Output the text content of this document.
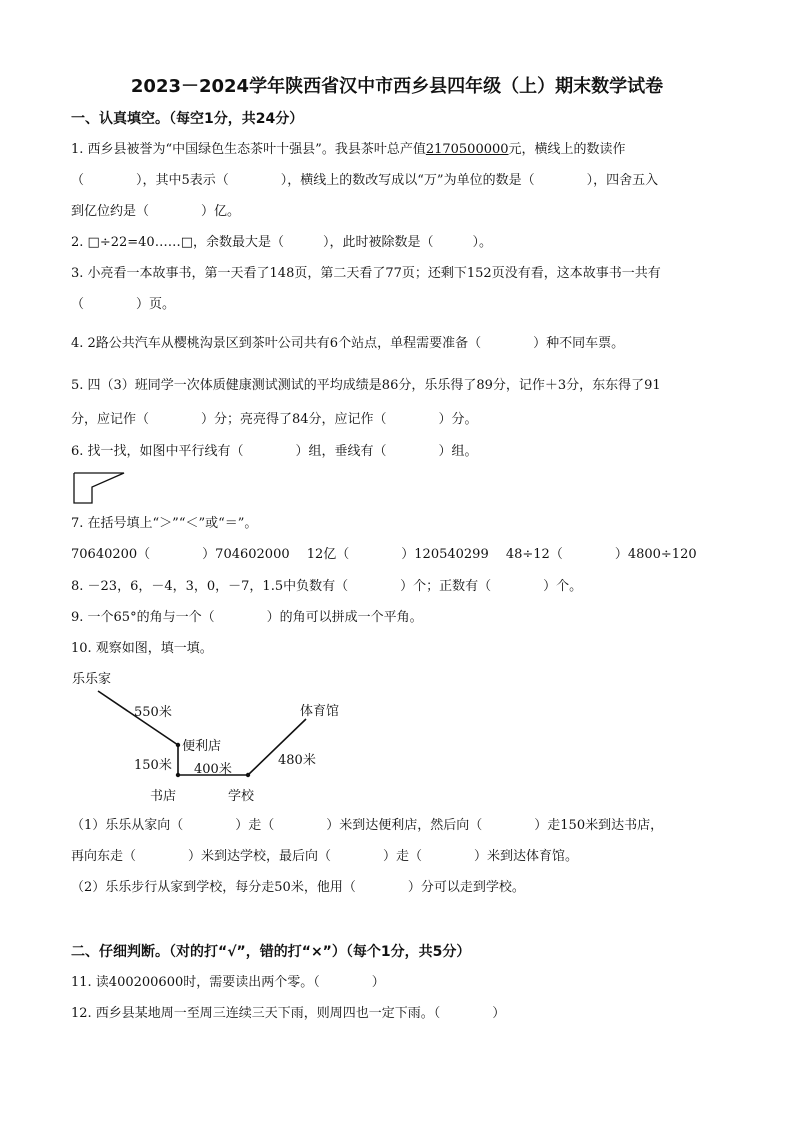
2023－2024学年陕西省汉中市西乡县四年级（上）期末数学试卷
一、认真填空。（每空1分，共24分）
1. 西乡县被誉为“中国绿色生态茶叶十强县”。我县茶叶总产值2170500000元，横线上的数读作
（　　　　），其中5表示（　　　　），横线上的数改写成以“万”为单位的数是（　　　　），四舍五入
到亿位约是（　　　　）亿。
2. □÷22=40……□，余数最大是（　　　），此时被除数是（　　　）。
3. 小亮看一本故事书，第一天看了148页，第二天看了77页；还剩下152页没有看，这本故事书一共有
（　　　　）页。
4. 2路公共汽车从樱桃沟景区到茶叶公司共有6个站点，单程需要准备（　　　　）种不同车票。
5. 四（3）班同学一次体质健康测试测试的平均成绩是86分，乐乐得了89分，记作＋3分，东东得了91
分，应记作（　　　　）分；亮亮得了84分，应记作（　　　　）分。
6. 找一找，如图中平行线有（　　　　）组，垂线有（　　　　）组。
7. 在括号填上“＞”“＜”或“＝”。
70640200（　　　　）704602000　 12亿（　　　　）120540299　 48÷12（　　　　）4800÷120
8. －23，6，－4，3，0，－7，1.5中负数有（　　　　）个；正数有（　　　　）个。
9. 一个65°的角与一个（　　　　）的角可以拼成一个平角。
10. 观察如图，填一填。
乐乐家
550米	体育馆
便利店
480米
150米 400米
书店	学校
（1）乐乐从家向（　　　　）走（　　　　）米到达便利店，然后向（　　　　）走150米到达书店，
再向东走（　　　　）米到达学校，最后向（　　　　）走（　　　　）米到达体育馆。
（2）乐乐步行从家到学校，每分走50米，他用（　　　　）分可以走到学校。
二、仔细判断。（对的打“√”，错的打“×”）（每个1分，共5分）
11. 读400200600时，需要读出两个零。（　　　　）
12. 西乡县某地周一至周三连续三天下雨，则周四也一定下雨。（　　　　）
